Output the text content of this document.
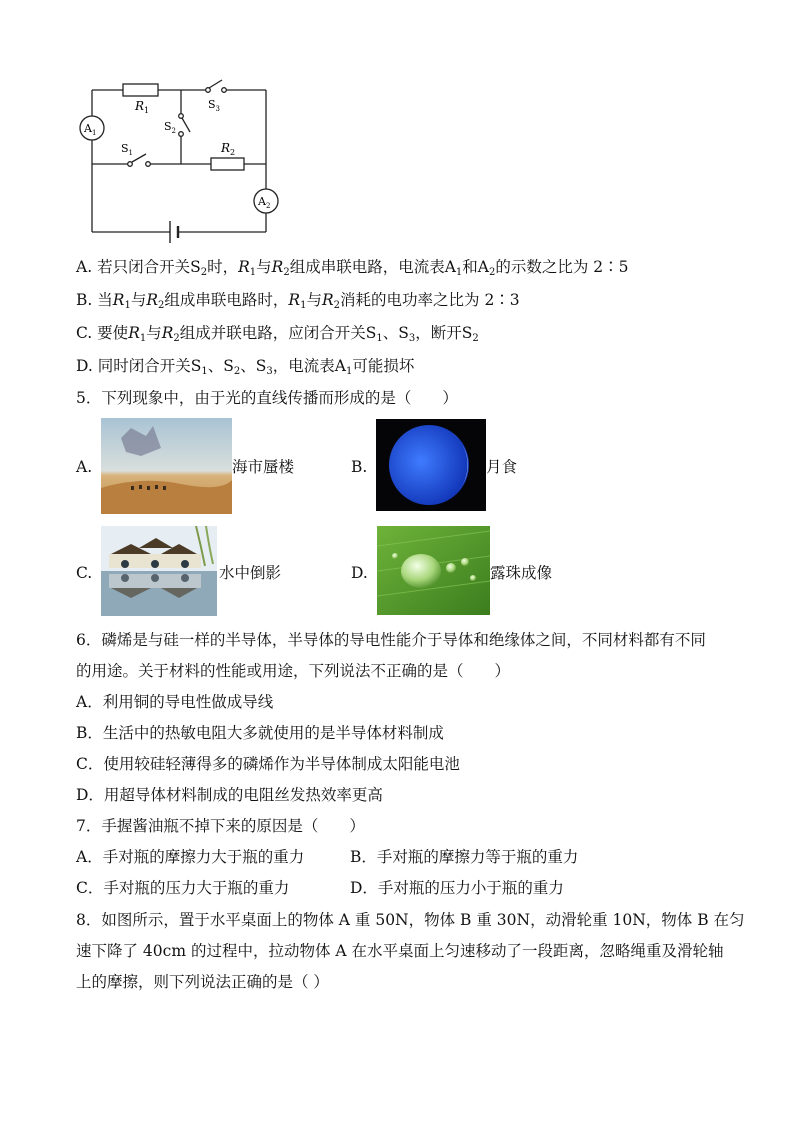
$A_1$
$A_2$
$R_1$
$R_2$
$S_3$
$S_2$
$S_1$
A. 若只闭合开关$S_2$时，$R_1$与$R_2$组成串联电路，电流表$A_1$和$A_2$的示数之比为 2∶5
B. 当$R_1$与$R_2$组成串联电路时，$R_1$与$R_2$消耗的电功率之比为 2∶3
C. 要使$R_1$与$R_2$组成并联电路，应闭合开关$S_1$、$S_3$，断开$S_2$
D. 同时闭合开关$S_1$、$S_2$、$S_3$，电流表$A_1$可能损坏
5．下列现象中，由于光的直线传播而形成的是（　　）
A.	海市蜃楼	B.	月食
C.	水中倒影	D.	露珠成像
6．磷烯是与硅一样的半导体，半导体的导电性能介于导体和绝缘体之间，不同材料都有不同
的用途。关于材料的性能或用途，下列说法不正确的是（　　）
A．利用铜的导电性做成导线
B．生活中的热敏电阻大多就使用的是半导体材料制成
C．使用较硅轻薄得多的磷烯作为半导体制成太阳能电池
D．用超导体材料制成的电阻丝发热效率更高
7．手握酱油瓶不掉下来的原因是（　　）
A．手对瓶的摩擦力大于瓶的重力	B．手对瓶的摩擦力等于瓶的重力
C．手对瓶的压力大于瓶的重力	D．手对瓶的压力小于瓶的重力
8．如图所示，置于水平桌面上的物体 A 重 50N，物体 B 重 30N，动滑轮重 10N，物体 B 在匀
速下降了 40cm 的过程中，拉动物体 A 在水平桌面上匀速移动了一段距离，忽略绳重及滑轮轴
上的摩擦，则下列说法正确的是（ ）
